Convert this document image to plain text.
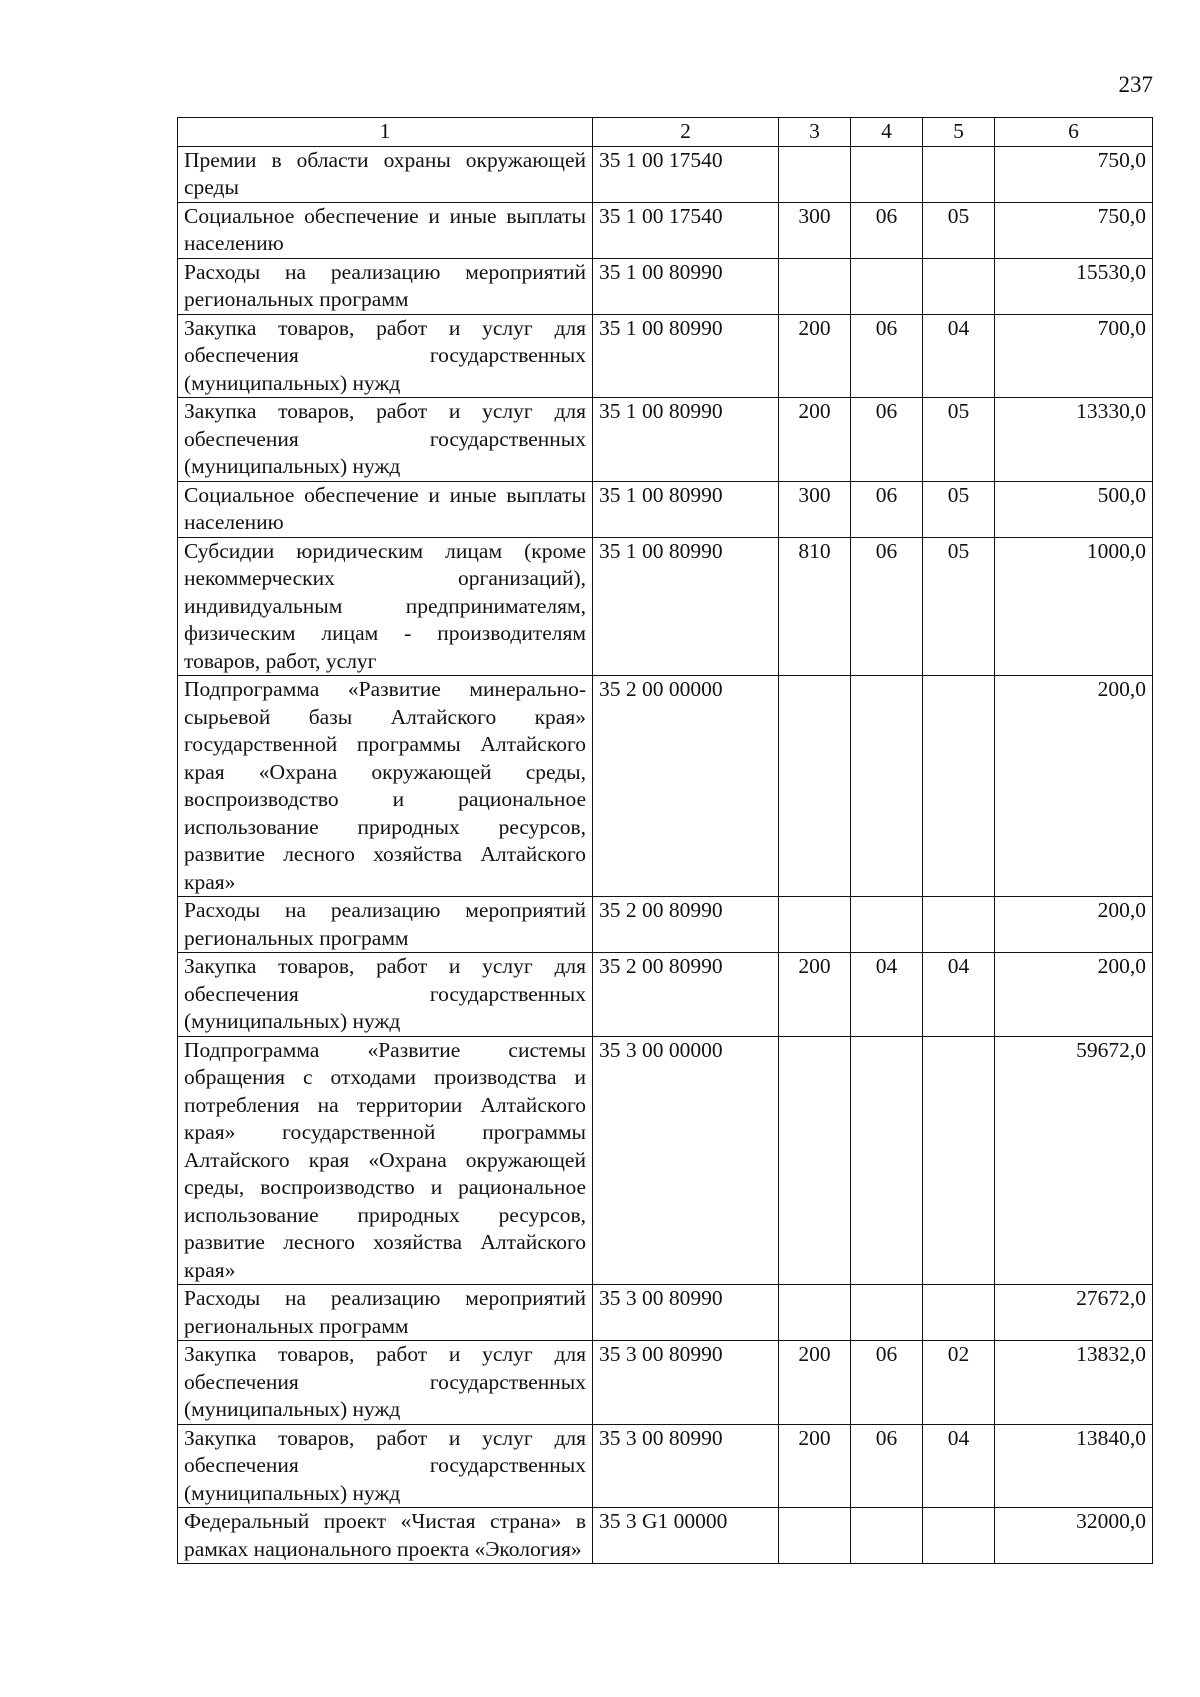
237
1	2	3	4	5	6
Премии в области охраны окружающей среды	35 1 00 17540				750,0
Социальное обеспечение и иные выплаты населению	35 1 00 17540	300	06	05	750,0
Расходы на реализацию мероприятий региональных программ	35 1 00 80990				15530,0
Закупка товаров, работ и услуг для обеспечения государственных (муниципальных) нужд	35 1 00 80990	200	06	04	700,0
Закупка товаров, работ и услуг для обеспечения государственных (муниципальных) нужд	35 1 00 80990	200	06	05	13330,0
Социальное обеспечение и иные выплаты населению	35 1 00 80990	300	06	05	500,0
Субсидии юридическим лицам (кроме некоммерческих организаций), индивидуальным предпринимателям, физическим лицам - производителям товаров, работ, услуг	35 1 00 80990	810	06	05	1000,0
Подпрограмма «Развитие минерально-сырьевой базы Алтайского края» государственной программы Алтайского края «Охрана окружающей среды, воспроизводство и рациональное использование природных ресурсов, развитие лесного хозяйства Алтайского края»	35 2 00 00000				200,0
Расходы на реализацию мероприятий региональных программ	35 2 00 80990				200,0
Закупка товаров, работ и услуг для обеспечения государственных (муниципальных) нужд	35 2 00 80990	200	04	04	200,0
Подпрограмма «Развитие системы обращения с отходами производства и потребления на территории Алтайского края» государственной программы Алтайского края «Охрана окружающей среды, воспроизводство и рациональное использование природных ресурсов, развитие лесного хозяйства Алтайского края»	35 3 00 00000				59672,0
Расходы на реализацию мероприятий региональных программ	35 3 00 80990				27672,0
Закупка товаров, работ и услуг для обеспечения государственных (муниципальных) нужд	35 3 00 80990	200	06	02	13832,0
Закупка товаров, работ и услуг для обеспечения государственных (муниципальных) нужд	35 3 00 80990	200	06	04	13840,0
Федеральный проект «Чистая страна» в рамках национального проекта «Экология»	35 3 G1 00000				32000,0
